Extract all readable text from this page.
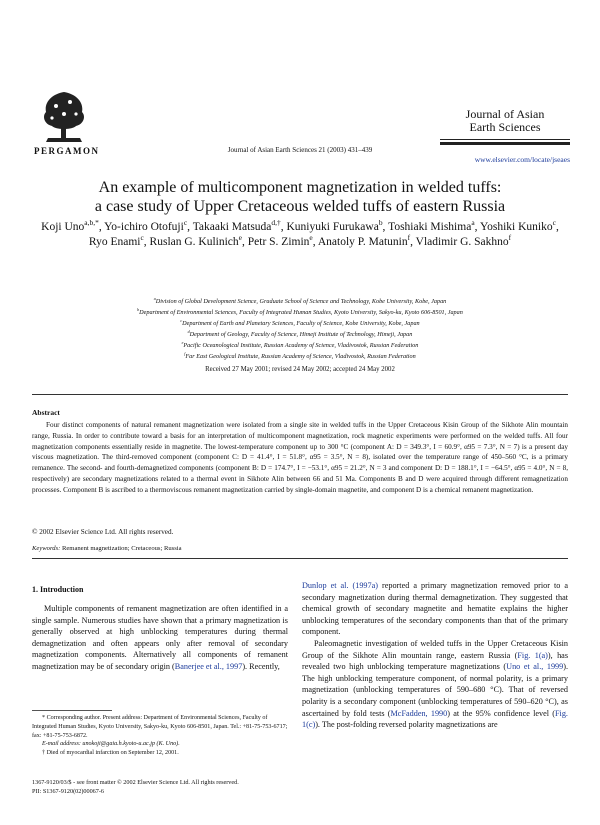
PERGAMON	Journal of Asian Earth Sciences 21 (2003) 431–439
Journal of Asian
Earth Sciences
www.elsevier.com/locate/jseaes
An example of multicomponent magnetization in welded tuffs:
a case study of Upper Cretaceous welded tuffs of eastern Russia
Koji Uno$^{a,b,*}$, Yo-ichiro Otofuji$^c$, Takaaki Matsuda$^{d,\dagger}$, Kuniyuki Furukawa$^b$, Toshiaki Mishima$^a$, Yoshiki Kuniko$^c$, Ryo Enami$^c$, Ruslan G. Kulinich$^e$, Petr S. Zimin$^e$, Anatoly P. Matunin$^f$, Vladimir G. Sakhno$^f$
$^a$Division of Global Development Science, Graduate School of Science and Technology, Kobe University, Kobe, Japan
$^b$Department of Environmental Sciences, Faculty of Integrated Human Studies, Kyoto University, Sakyo-ku, Kyoto 606-8501, Japan
$^c$Department of Earth and Planetary Sciences, Faculty of Science, Kobe University, Kobe, Japan
$^d$Department of Geology, Faculty of Science, Himeji Institute of Technology, Himeji, Japan
$^e$Pacific Oceanological Institute, Russian Academy of Science, Vladivostok, Russian Federation
$^f$Far East Geological Institute, Russian Academy of Science, Vladivostok, Russian Federation
Received 27 May 2001; revised 24 May 2002; accepted 24 May 2002
Abstract
Four distinct components of natural remanent magnetization were isolated from a single site in welded tuffs in the Upper Cretaceous Kisin Group of the Sikhote Alin mountain range, Russia. In order to contribute toward a basis for an interpretation of multicomponent magnetization, rock magnetic experiments were performed on the welded tuffs. All four magnetization components essentially reside in magnetite. The lowest-temperature component up to 300 °C (component A: D = 349.3°, I = 60.9°, α95 = 7.3°, N = 7) is a present day viscous magnetization. The third-removed component (component C: D = 41.4°, I = 51.8°, α95 = 3.5°, N = 8), isolated over the temperature range of 450–560 °C, is a primary remanence. The second- and fourth-demagnetized components (component B: D = 174.7°, I = −53.1°, α95 = 21.2°, N = 3 and component D: D = 188.1°, I = −64.5°, α95 = 4.0°, N = 8, respectively) are secondary magnetizations related to a thermal event in Sikhote Alin between 66 and 51 Ma. Components B and D were acquired through different remagnetization processes. Component B is ascribed to a thermoviscous remanent magnetization carried by single-domain magnetite, and component D is a chemical remanent magnetization.
© 2002 Elsevier Science Ltd. All rights reserved.
Keywords: Remanent magnetization; Cretaceous; Russia
1. Introduction

Multiple components of remanent magnetization are often identified in a single sample. Numerous studies have shown that a primary magnetization is generally observed at high unblocking temperatures during thermal demagnetization and often appears only after removal of secondary magnetization components. Alternatively all components of remanent magnetization may be of secondary origin (Banerjee et al., 1997). Recently,

Dunlop et al. (1997a) reported a primary magnetization removed prior to a secondary magnetization during thermal demagnetization. They suggested that chemical growth of secondary magnetite and hematite explains the higher unblocking temperatures of the secondary components than that of the primary component.

Paleomagnetic investigation of welded tuffs in the Upper Cretaceous Kisin Group of the Sikhote Alin mountain range, eastern Russia (Fig. 1(a)), has revealed two high unblocking temperature magnetizations (Uno et al., 1999). The high unblocking temperature component, of normal polarity, is a primary magnetization (unblocking temperatures of 590–680 °C). That of reversed polarity is a secondary component (unblocking temperatures of 590–620 °C), as ascertained by fold tests (McFadden, 1990) at the 95% confidence level (Fig. 1(c)). The post-folding reversed polarity magnetizations are

* Corresponding author. Present address: Department of Environmental Sciences, Faculty of Integrated Human Studies, Kyoto University, Sakyo-ku, Kyoto 606-8501, Japan. Tel.: +81-75-753-6717; fax: +81-75-753-6872.
E-mail address: unokoji@gaia.h.kyoto-u.ac.jp (K. Uno).
† Died of myocardial infarction on September 12, 2001.
1367-9120/03/$ - see front matter © 2002 Elsevier Science Ltd. All rights reserved.
PII: S1367-9120(02)00067-6
